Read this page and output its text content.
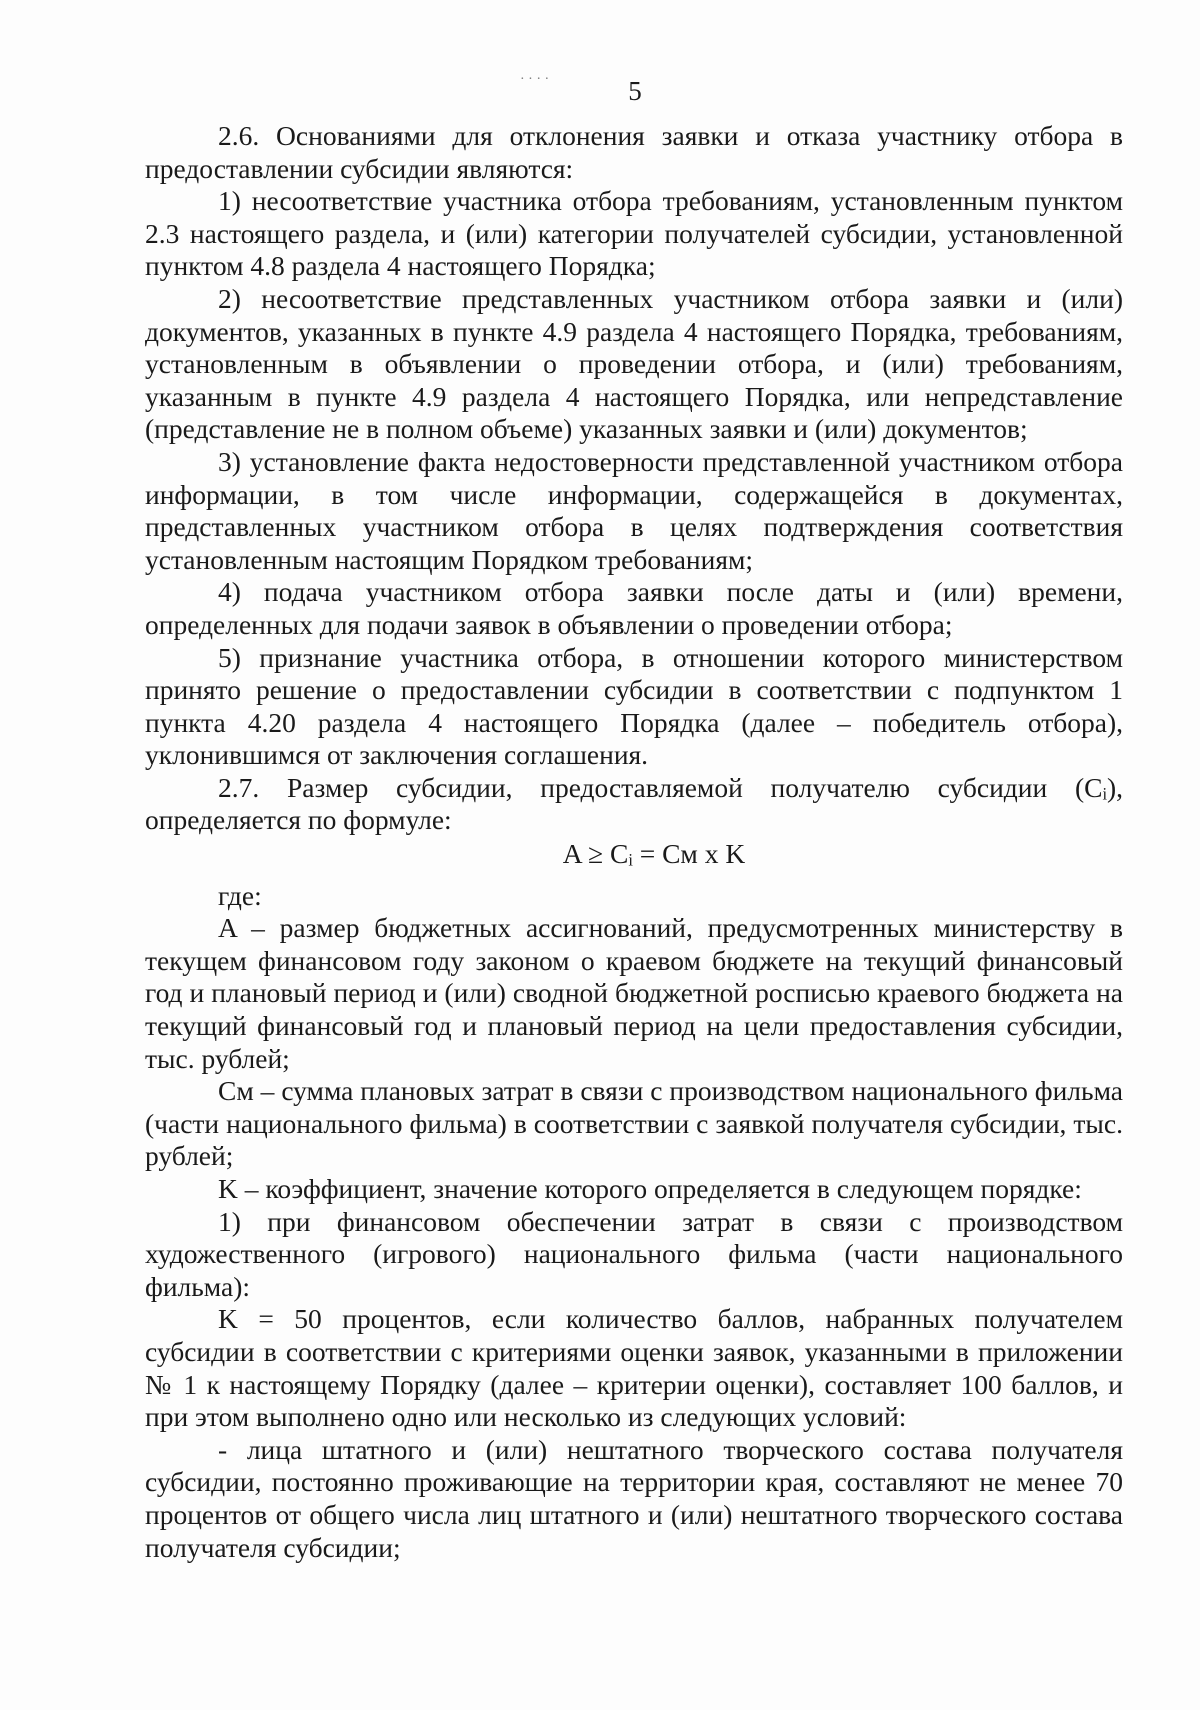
5
· · · ·

2.6. Основаниями для отклонения заявки и отказа участнику отбора в предоставлении субсидии являются:

1) несоответствие участника отбора требованиям, установленным пунктом 2.3 настоящего раздела, и (или) категории получателей субсидии, установленной пунктом 4.8 раздела 4 настоящего Порядка;

2) несоответствие представленных участником отбора заявки и (или) документов, указанных в пункте 4.9 раздела 4 настоящего Порядка, требованиям, установленным в объявлении о проведении отбора, и (или) требованиям, указанным в пункте 4.9 раздела 4 настоящего Порядка, или непредставление (представление не в полном объеме) указанных заявки и (или) документов;

3) установление факта недостоверности представленной участником отбора информации, в том числе информации, содержащейся в документах, представленных участником отбора в целях подтверждения соответствия установленным настоящим Порядком требованиям;

4) подача участником отбора заявки после даты и (или) времени, определенных для подачи заявок в объявлении о проведении отбора;

5) признание участника отбора, в отношении которого министерством принято решение о предоставлении субсидии в соответствии с подпунктом 1 пункта 4.20 раздела 4 настоящего Порядка (далее – победитель отбора), уклонившимся от заключения соглашения.

2.7. Размер субсидии, предоставляемой получателю субсидии (Cᵢ), определяется по формуле:

A ≥ Cᵢ = См x K

где:

A – размер бюджетных ассигнований, предусмотренных министерству в текущем финансовом году законом о краевом бюджете на текущий финансовый год и плановый период и (или) сводной бюджетной росписью краевого бюджета на текущий финансовый год и плановый период на цели предоставления субсидии, тыс. рублей;

См – сумма плановых затрат в связи с производством национального фильма (части национального фильма) в соответствии с заявкой получателя субсидии, тыс. рублей;

K – коэффициент, значение которого определяется в следующем порядке:

1) при финансовом обеспечении затрат в связи с производством художественного (игрового) национального фильма (части национального фильма):

K = 50 процентов, если количество баллов, набранных получателем субсидии в соответствии с критериями оценки заявок, указанными в приложении № 1 к настоящему Порядку (далее – критерии оценки), составляет 100 баллов, и при этом выполнено одно или несколько из следующих условий:

- лица штатного и (или) нештатного творческого состава получателя субсидии, постоянно проживающие на территории края, составляют не менее 70 процентов от общего числа лиц штатного и (или) нештатного творческого состава получателя субсидии;
